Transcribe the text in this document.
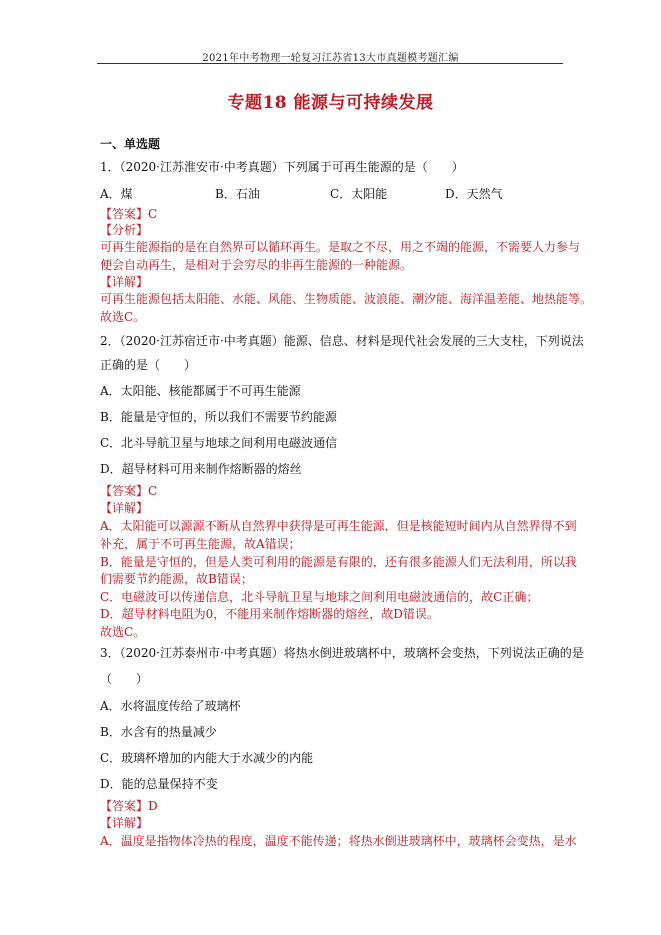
2021年中考物理一轮复习江苏省13大市真题模考题汇编
专题18 能源与可持续发展
一、单选题
1．（2020·江苏淮安市·中考真题）下列属于可再生能源的是（　　）
A．煤	B．石油	C．太阳能	D．天然气
【答案】C
【分析】
可再生能源指的是在自然界可以循环再生。是取之不尽，用之不竭的能源，不需要人力参与
便会自动再生，是相对于会穷尽的非再生能源的一种能源。
【详解】
可再生能源包括太阳能、水能、风能、生物质能、波浪能、潮汐能、海洋温差能、地热能等。
故选C。
2．（2020·江苏宿迁市·中考真题）能源、信息、材料是现代社会发展的三大支柱，下列说法
正确的是（　　）
A．太阳能、核能都属于不可再生能源
B．能量是守恒的，所以我们不需要节约能源
C．北斗导航卫星与地球之间利用电磁波通信
D．超导材料可用来制作熔断器的熔丝
【答案】C
【详解】
A．太阳能可以源源不断从自然界中获得是可再生能源，但是核能短时间内从自然界得不到
补充，属于不可再生能源，故A错误；
B．能量是守恒的，但是人类可利用的能源是有限的，还有很多能源人们无法利用，所以我
们需要节约能源，故B错误；
C．电磁波可以传递信息，北斗导航卫星与地球之间利用电磁波通信的，故C正确；
D．超导材料电阻为0，不能用来制作熔断器的熔丝，故D错误。
故选C。
3．（2020·江苏泰州市·中考真题）将热水倒进玻璃杯中，玻璃杯会变热，下列说法正确的是
（　　）
A．水将温度传给了玻璃杯
B．水含有的热量减少
C．玻璃杯增加的内能大于水减少的内能
D．能的总量保持不变
【答案】D
【详解】
A．温度是指物体冷热的程度，温度不能传递；将热水倒进玻璃杯中，玻璃杯会变热，是水
